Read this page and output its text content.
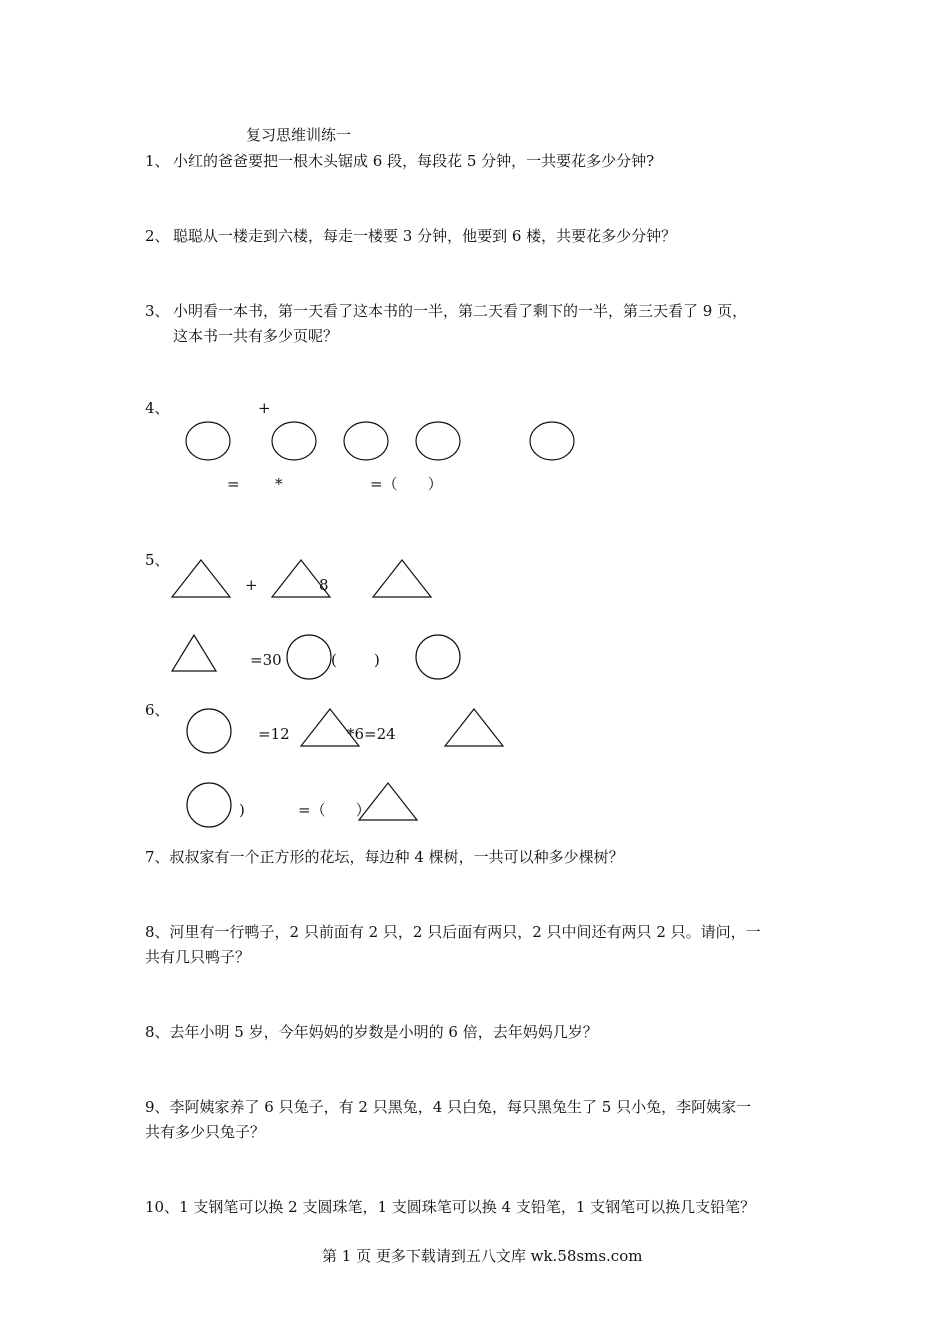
复习思维训练一
1、 小红的爸爸要把一根木头锯成 6 段，每段花 5 分钟，一共要花多少分钟?
2、 聪聪从一楼走到六楼，每走一楼要 3 分钟，他要到 6 楼，共要花多少分钟？
3、 小明看一本书，第一天看了这本书的一半，第二天看了剩下的一半，第三天看了 9 页，
这本书一共有多少页呢？
4、	+
= *	=（　　）
5、
+	8
=30	( )
6、
=12	*6=24
)	=（　　）
7、叔叔家有一个正方形的花坛，每边种 4 棵树，一共可以种多少棵树？
8、河里有一行鸭子，2 只前面有 2 只，2 只后面有两只，2 只中间还有两只 2 只。请问，一
共有几只鸭子？
8、去年小明 5 岁，今年妈妈的岁数是小明的 6 倍，去年妈妈几岁？
9、李阿姨家养了 6 只兔子，有 2 只黑兔，4 只白兔，每只黑兔生了 5 只小兔，李阿姨家一
共有多少只兔子？
10、1 支钢笔可以换 2 支圆珠笔，1 支圆珠笔可以换 4 支铅笔，1 支钢笔可以换几支铅笔？
第 1 页 更多下载请到五八文库 wk.58sms.com
